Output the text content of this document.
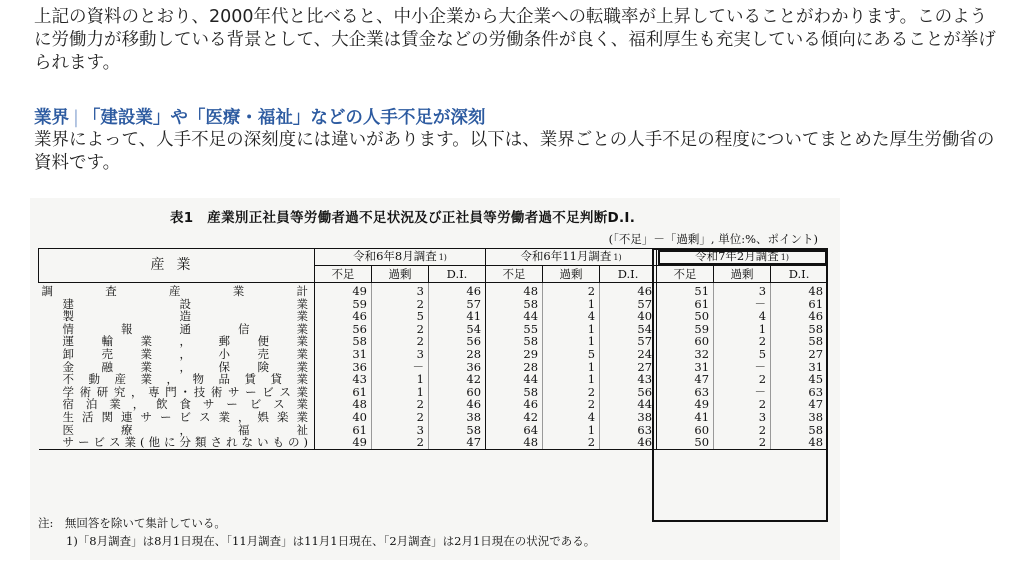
上記の資料のとおり、2000年代と比べると、中小企業から大企業への転職率が上昇していることがわかります。このように労働力が移動している背景として、大企業は賃金などの労働条件が良く、福利厚生も充実している傾向にあることが挙げられます。
業界 | 「建設業」や「医療・福祉」などの人手不足が深刻
業界によって、人手不足の深刻度には違いがあります。以下は、業界ごとの人手不足の程度についてまとめた厚生労働省の資料です。
表1　産業別正社員等労働者過不足状況及び正社員等労働者過不足判断D.I.
(「不足」－「過剰」, 単位:%、ポイント)
産業	令和6年8月調査 1)			令和6年11月調査 1)			令和7年2月調査 1)		
	不足	過剰	D.I.	不足	過剰	D.I.	不足	過剰	D.I.
調査産業計	49	3	46	48	2	46	51	3	48
建設業	59	2	57	58	1	57	61	－	61
製造業	46	5	41	44	4	40	50	4	46
情報通信業	56	2	54	55	1	54	59	1	58
運輸業，郵便業	58	2	56	58	1	57	60	2	58
卸売業，小売業	31	3	28	29	5	24	32	5	27
金融業，保険業	36	－	36	28	1	27	31	－	31
不動産業，物品賃貸業	43	1	42	44	1	43	47	2	45
学術研究，専門･技術サービス業	61	1	60	58	2	56	63	－	63
宿泊業，飲食サービス業	48	2	46	46	2	44	49	2	47
生活関連サービス業，娯楽業	40	2	38	42	4	38	41	3	38
医療，福祉	61	3	58	64	1	63	60	2	58
サービス業(他に分類されないもの)	49	2	47	48	2	46	50	2	48
注:　無回答を除いて集計している。
1)「8月調査」は8月1日現在、「11月調査」は11月1日現在、「2月調査」は2月1日現在の状況である。
